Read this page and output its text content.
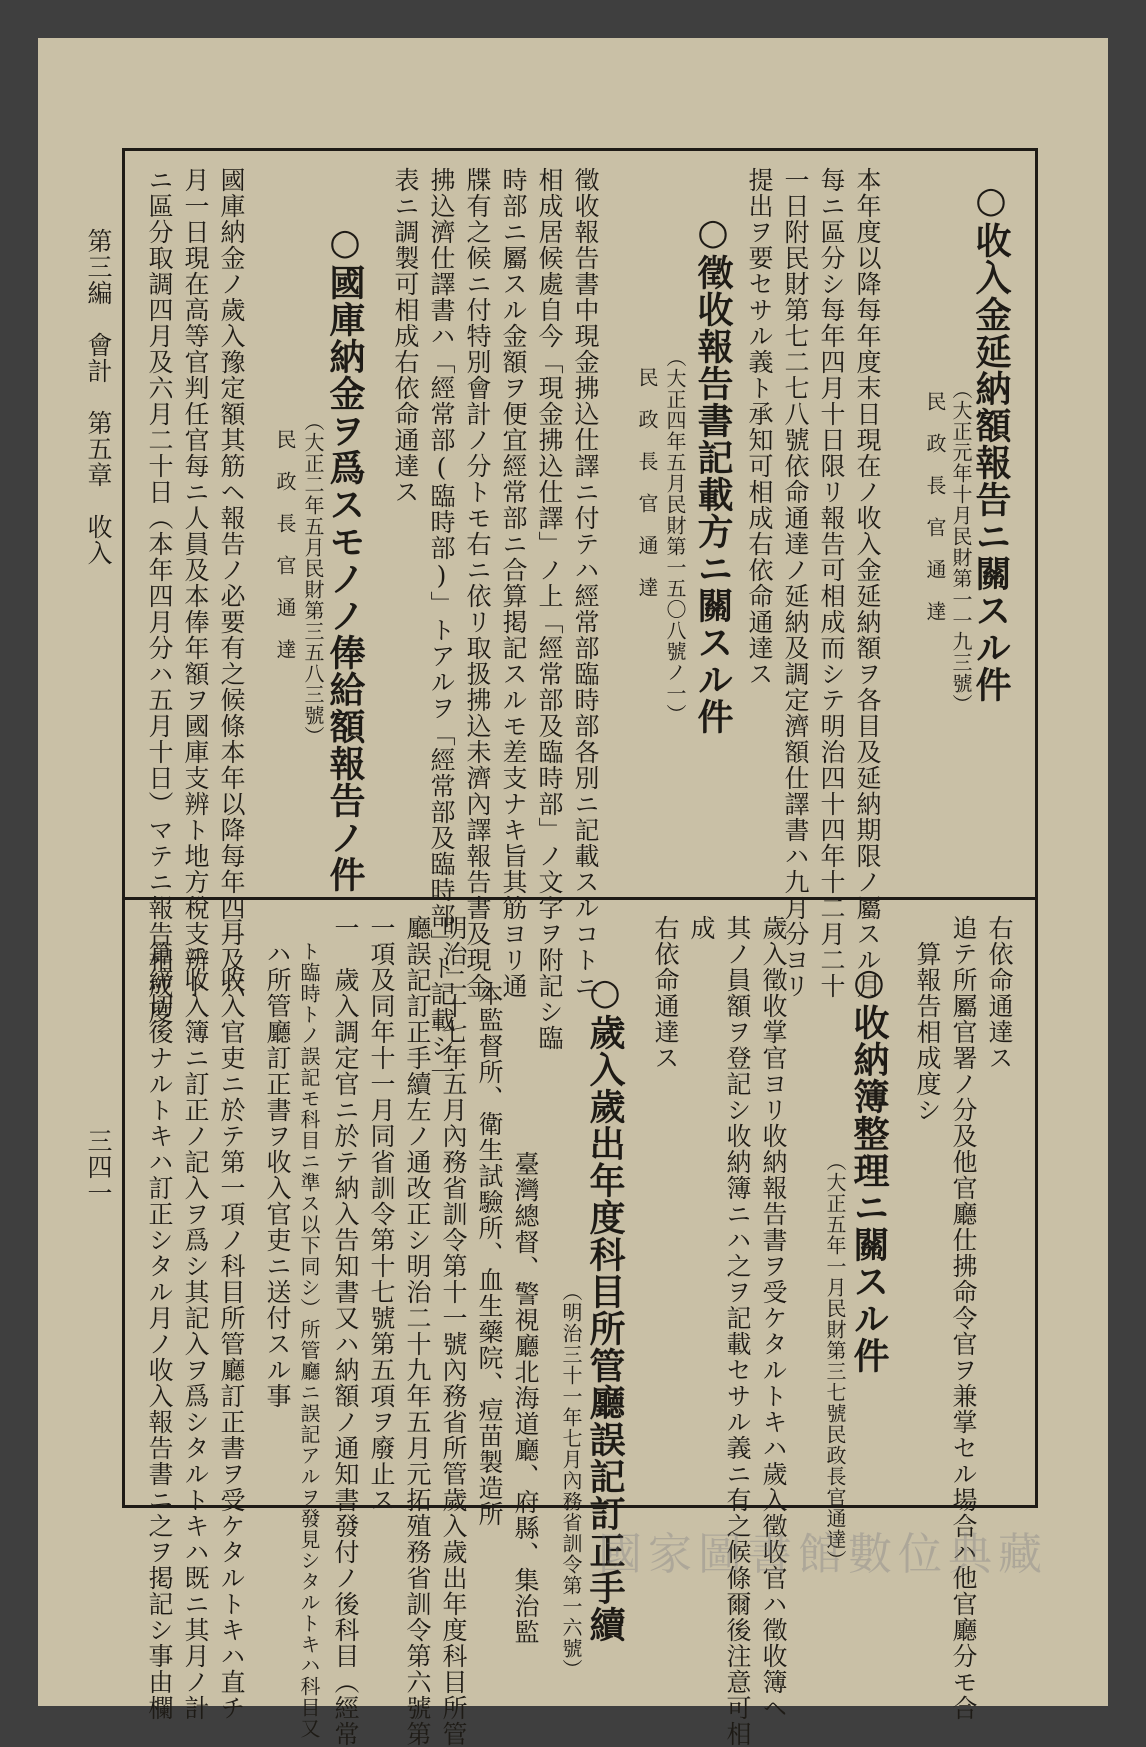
○收入金延納額報告ニ關スル件
（大正元年十月民財第一一九三號）
民　政　長　官　通　達
本年度以降每年度末日現在ノ收入金延納額ヲ各目及延納期限ノ屬スル月
每ニ區分シ每年四月十日限リ報告可相成而シテ明治四十四年十二月二十
一日附民財第七二七八號依命通達ノ延納及調定濟額仕譯書ハ九月分ヨリ
提出ヲ要セサル義ト承知可相成右依命通達ス
○徵收報告書記載方ニ關スル件
（大正四年五月民財第一五〇八號ノ一）
民　政　長　官　通　達
徵收報告書中現金拂込仕譯ニ付テハ經常部臨時部各別ニ記載スルコトニ
相成居候處自今「現金拂込仕譯」ノ上「經常部及臨時部」ノ文字ヲ附記シ臨
時部ニ屬スル金額ヲ便宜經常部ニ合算掲記スルモ差支ナキ旨其筋ヨリ通
牒有之候ニ付特別會計ノ分トモ右ニ依リ取扱拂込未濟內譯報告書及現金
拂込濟仕譯書ハ「經常部(臨時部)」トアルヲ「經常部及臨時部」ト記載シ一
表ニ調製可相成右依命通達ス
○國庫納金ヲ爲スモノノ俸給額報告ノ件
（大正二年五月民財第三五八三號）
民　政　長　官　通　達
國庫納金ノ歲入豫定額其筋ヘ報告ノ必要有之候條本年以降每年四月及六
月一日現在高等官判任官每ニ人員及本俸年額ヲ國庫支辨ト地方稅支辨ト
ニ區分取調四月及六月二十日（本年四月分ハ五月十日）マテニ報告相成度	右依命通達ス
追テ所屬官署ノ分及他官廳仕拂命令官ヲ兼掌セル場合ハ他官廳分モ合
算報告相成度シ
○收納簿整理ニ關スル件
（大正五年一月民財第三七號民政長官通達）
歲入徵收掌官ヨリ收納報告書ヲ受ケタルトキハ歲入徵收官ハ徵收簿ヘ
其ノ員額ヲ登記シ收納簿ニハ之ヲ記載セサル義ニ有之候條爾後注意可相
成
右依命通達ス
○歲入歲出年度科目所管廳誤記訂正手續
（明治三十一年七月內務省訓令第一六號）
臺灣總督、警視廳北海道廳、府縣、集治監
本監督所、衛生試驗所、血生藥院、痘苗製造所
明治二十七年五月內務省訓令第十一號內務省所管歲入歲出年度科目所管
廳誤記訂正手續左ノ通改正シ明治二十九年五月元拓殖務省訓令第六號第
一項及同年十一月同省訓令第十七號第五項ヲ廢止ス
一　歲入調定官ニ於テ納入告知書又ハ納額ノ通知書發付ノ後科目（經常
ト臨時トノ誤記モ科目ニ準ス以下同シ）所管廳ニ誤記アルヲ發見シタルトキハ科目又
ハ所管廳訂正書ヲ收入官吏ニ送付スル事
二　收入官吏ニ於テ第一項ノ科目所管廳訂正書ヲ受ケタルトキハ直チ
ニ收入簿ニ訂正ノ記入ヲ爲シ其記入ヲ爲シタルトキハ既ニ其月ノ計
算締切後ナルトキハ訂正シタル月ノ收入報告書ニ之ヲ掲記シ事由欄
第三編　會計　第五章　收入
三四一
國家圖書館數位典藏
